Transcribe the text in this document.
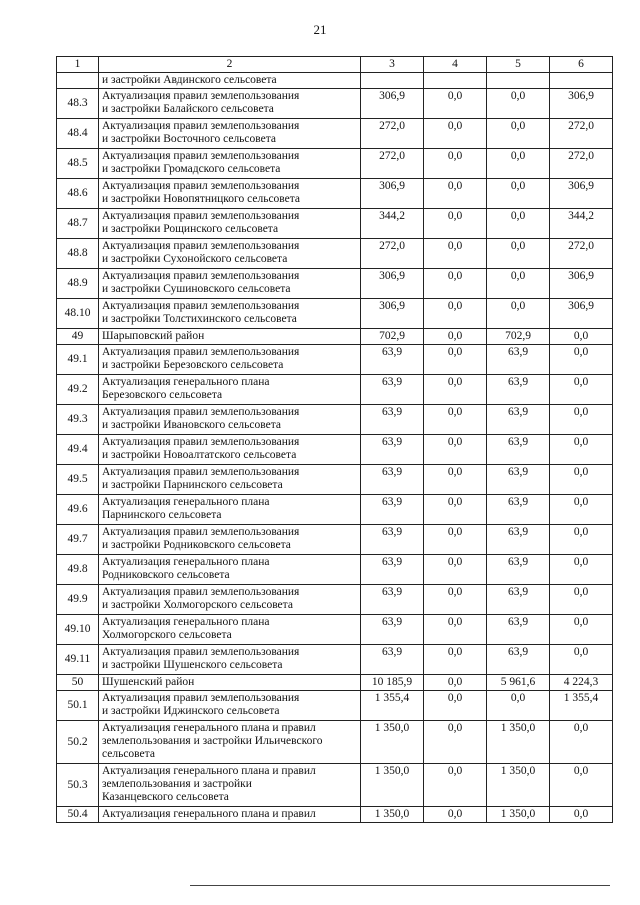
21
1	2	3	4	5	6
	и застройки Авдинского сельсовета				
48.3	Актуализация правил землепользования
и застройки Балайского сельсовета	306,9	0,0	0,0	306,9
48.4	Актуализация правил землепользования
и застройки Восточного сельсовета	272,0	0,0	0,0	272,0
48.5	Актуализация правил землепользования
и застройки Громадского сельсовета	272,0	0,0	0,0	272,0
48.6	Актуализация правил землепользования
и застройки Новопятницкого сельсовета	306,9	0,0	0,0	306,9
48.7	Актуализация правил землепользования
и застройки Рощинского сельсовета	344,2	0,0	0,0	344,2
48.8	Актуализация правил землепользования
и застройки Сухонойского сельсовета	272,0	0,0	0,0	272,0
48.9	Актуализация правил землепользования
и застройки Сушиновского сельсовета	306,9	0,0	0,0	306,9
48.10	Актуализация правил землепользования
и застройки Толстихинского сельсовета	306,9	0,0	0,0	306,9
49	Шарыповский район	702,9	0,0	702,9	0,0
49.1	Актуализация правил землепользования
и застройки Березовского сельсовета	63,9	0,0	63,9	0,0
49.2	Актуализация генерального плана
Березовского сельсовета	63,9	0,0	63,9	0,0
49.3	Актуализация правил землепользования
и застройки Ивановского сельсовета	63,9	0,0	63,9	0,0
49.4	Актуализация правил землепользования
и застройки Новоалтатского сельсовета	63,9	0,0	63,9	0,0
49.5	Актуализация правил землепользования
и застройки Парнинского сельсовета	63,9	0,0	63,9	0,0
49.6	Актуализация генерального плана
Парнинского сельсовета	63,9	0,0	63,9	0,0
49.7	Актуализация правил землепользования
и застройки Родниковского сельсовета	63,9	0,0	63,9	0,0
49.8	Актуализация генерального плана
Родниковского сельсовета	63,9	0,0	63,9	0,0
49.9	Актуализация правил землепользования
и застройки Холмогорского сельсовета	63,9	0,0	63,9	0,0
49.10	Актуализация генерального плана
Холмогорского сельсовета	63,9	0,0	63,9	0,0
49.11	Актуализация правил землепользования
и застройки Шушенского сельсовета	63,9	0,0	63,9	0,0
50	Шушенский район	10 185,9	0,0	5 961,6	4 224,3
50.1	Актуализация правил землепользования
и застройки Иджинского сельсовета	1 355,4	0,0	0,0	1 355,4
50.2	Актуализация генерального плана и правил
землепользования и застройки Ильичевского
сельсовета	1 350,0	0,0	1 350,0	0,0
50.3	Актуализация генерального плана и правил
землепользования и застройки
Казанцевского сельсовета	1 350,0	0,0	1 350,0	0,0
50.4	Актуализация генерального плана и правил	1 350,0	0,0	1 350,0	0,0
